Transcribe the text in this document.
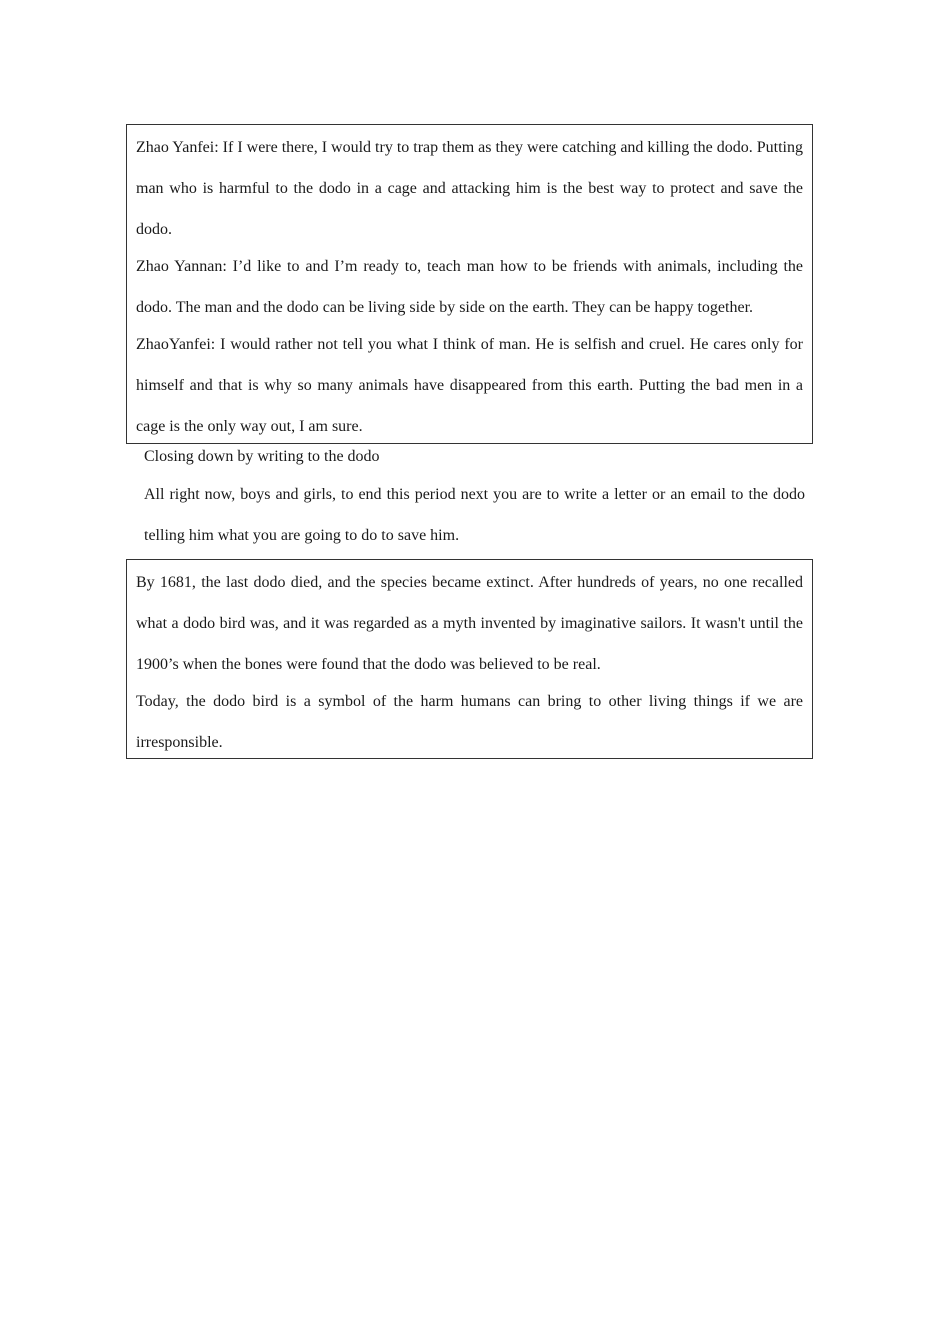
Zhao Yanfei: If I were there, I would try to trap them as they were catching and killing the dodo. Putting man who is harmful to the dodo in a cage and attacking him is the best way to protect and save the dodo.

Zhao Yannan: I’d like to and I’m ready to, teach man how to be friends with animals, including the dodo. The man and the dodo can be living side by side on the earth. They can be happy together.

ZhaoYanfei: I would rather not tell you what I think of man. He is selfish and cruel. He cares only for himself and that is why so many animals have disappeared from this earth. Putting the bad men in a cage is the only way out, I am sure.

Closing down by writing to the dodo

All right now, boys and girls, to end this period next you are to write a letter or an email to the dodo telling him what you are going to do to save him.

By 1681, the last dodo died, and the species became extinct. After hundreds of years, no one recalled what a dodo bird was, and it was regarded as a myth invented by imaginative sailors. It wasn't until the 1900’s when the bones were found that the dodo was believed to be real.

Today, the dodo bird is a symbol of the harm humans can bring to other living things if we are irresponsible.
